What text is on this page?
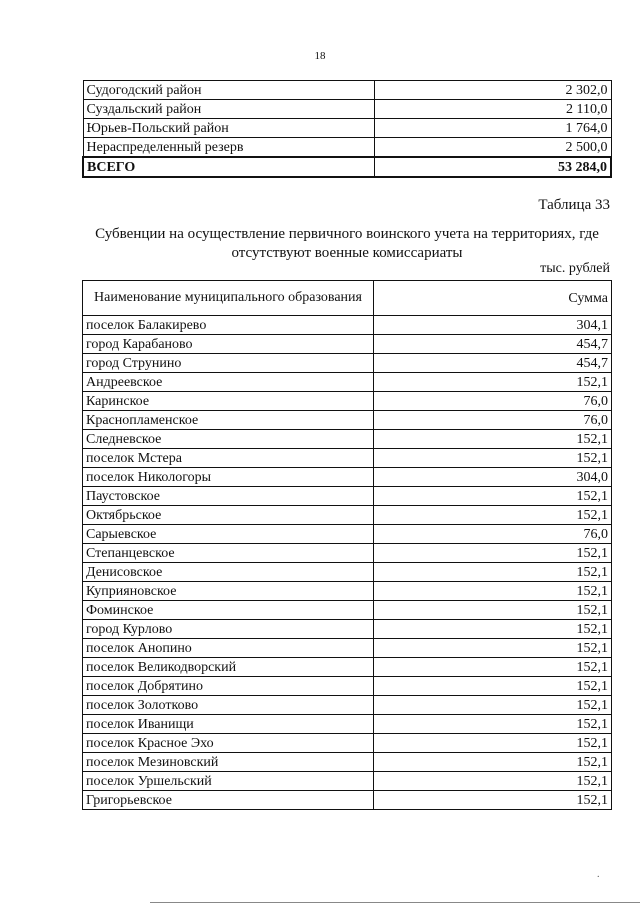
18
Судогодский район	2 302,0
Суздальский район	2 110,0
Юрьев-Польский район	1 764,0
Нераспределенный резерв	2 500,0
ВСЕГО	53 284,0
Таблица 33
Субвенции на осуществление первичного воинского учета на территориях, где отсутствуют военные комиссариаты
тыс. рублей
Наименование муниципального образования	Сумма
поселок Балакирево	304,1
город Карабаново	454,7
город Струнино	454,7
Андреевское	152,1
Каринское	76,0
Краснопламенское	76,0
Следневское	152,1
поселок Мстера	152,1
поселок Никологоры	304,0
Паустовское	152,1
Октябрьское	152,1
Сарыевское	76,0
Степанцевское	152,1
Денисовское	152,1
Куприяновское	152,1
Фоминское	152,1
город Курлово	152,1
поселок Анопино	152,1
поселок Великодворский	152,1
поселок Добрятино	152,1
поселок Золотково	152,1
поселок Иванищи	152,1
поселок Красное Эхо	152,1
поселок Мезиновский	152,1
поселок Уршельский	152,1
Григорьевское	152,1
.
